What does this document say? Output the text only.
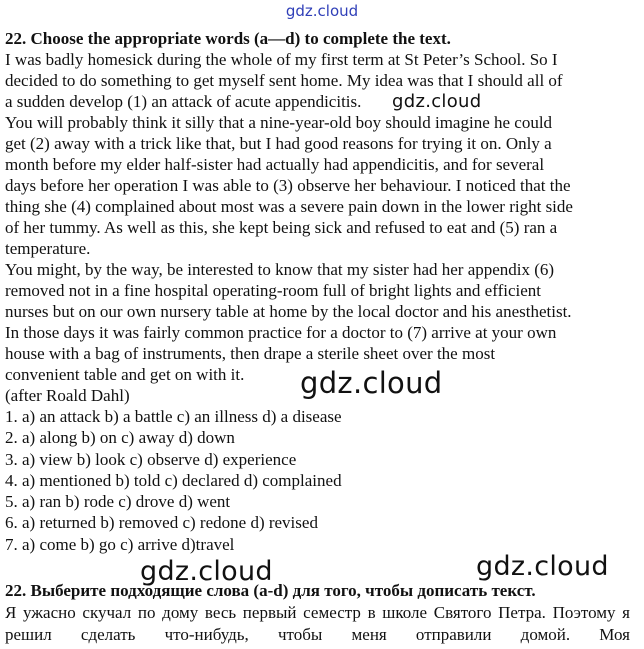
gdz.cloud
22. Choose the appropriate words (a—d) to complete the text.
I was badly homesick during the whole of my first term at St Peter’s School. So I
decided to do something to get myself sent home. My idea was that I should all of
a sudden develop (1) an attack of acute appendicitis.
You will probably think it silly that a nine-year-old boy should imagine he could
get (2) away with a trick like that, but I had good reasons for trying it on. Only a
month before my elder half-sister had actually had appendicitis, and for several
days before her operation I was able to (3) observe her behaviour. I noticed that the
thing she (4) complained about most was a severe pain down in the lower right side
of her tummy. As well as this, she kept being sick and refused to eat and (5) ran a
temperature.
You might, by the way, be interested to know that my sister had her appendix (6)
removed not in a fine hospital operating-room full of bright lights and efficient
nurses but on our own nursery table at home by the local doctor and his anesthetist.
In those days it was fairly common practice for a doctor to (7) arrive at your own
house with a bag of instruments, then drape a sterile sheet over the most
convenient table and get on with it.
(after Roald Dahl)
1. a) an attack b) a battle c) an illness d) a disease
2. a) along b) on c) away d) down
3. a) view b) look c) observe d) experience
4. a) mentioned b) told c) declared d) complained
5. a) ran b) rode c) drove d) went
6. a) returned b) removed c) redone d) revised
7. a) come b) go c) arrive d)travel
22. Выберите подходящие слова (a-d) для того, чтобы дописать текст.
Я ужасно скучал по дому весь первый семестр в школе Святого Петра. Поэтому я решил сделать что-нибудь, чтобы меня отправили домой. Моя
gdz.cloud
gdz.cloud
gdz.cloud	gdz.cloud
